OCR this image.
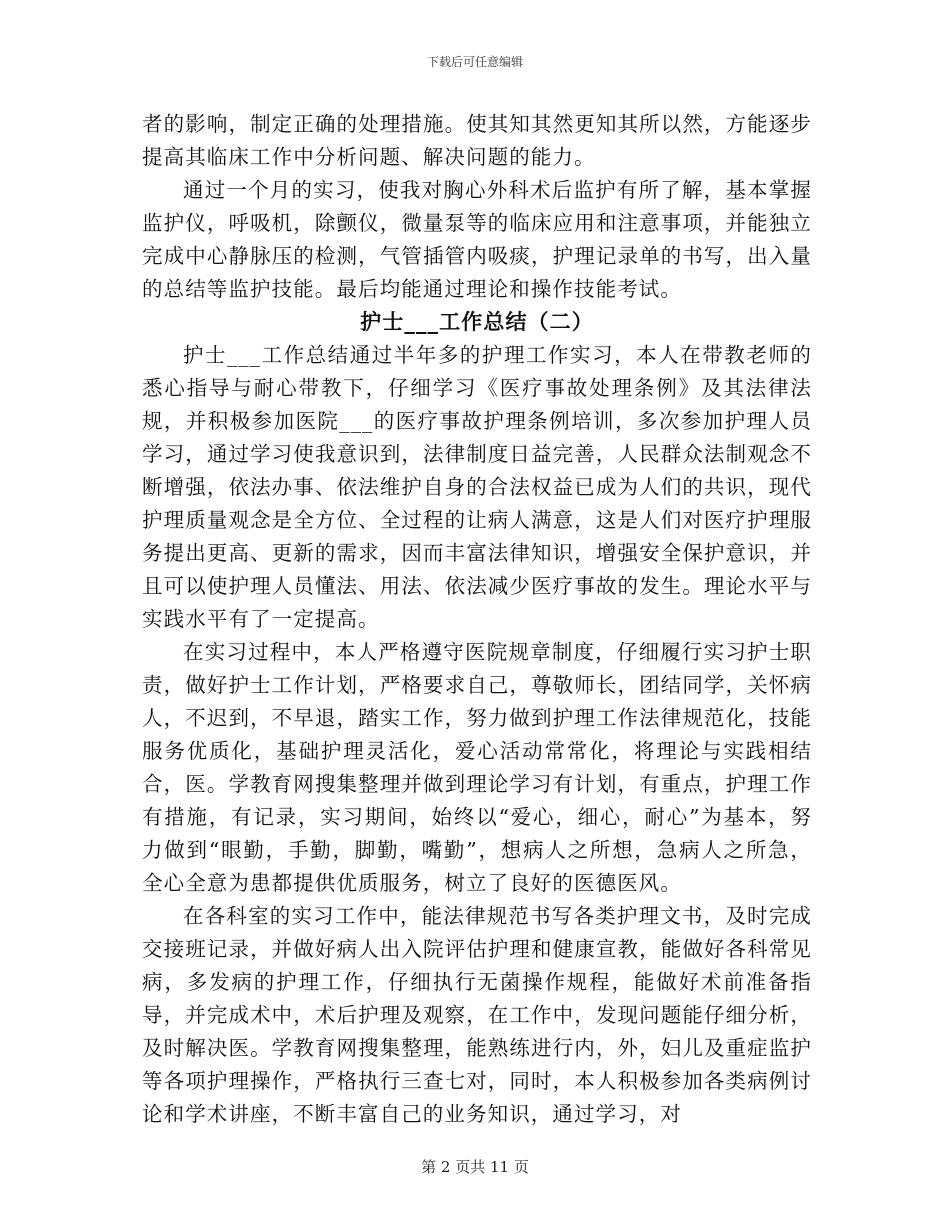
下载后可任意编辑

者的影响，制定正确的处理措施。使其知其然更知其所以然，方能逐步提高其临床工作中分析问题、解决问题的能力。

通过一个月的实习，使我对胸心外科术后监护有所了解，基本掌握监护仪，呼吸机，除颤仪，微量泵等的临床应用和注意事项，并能独立完成中心静脉压的检测，气管插管内吸痰，护理记录单的书写，出入量的总结等监护技能。最后均能通过理论和操作技能考试。

护士___工作总结（二）

护士___工作总结通过半年多的护理工作实习，本人在带教老师的悉心指导与耐心带教下，仔细学习《医疗事故处理条例》及其法律法规，并积极参加医院___的医疗事故护理条例培训，多次参加护理人员学习，通过学习使我意识到，法律制度日益完善，人民群众法制观念不断增强，依法办事、依法维护自身的合法权益已成为人们的共识，现代护理质量观念是全方位、全过程的让病人满意，这是人们对医疗护理服务提出更高、更新的需求，因而丰富法律知识，增强安全保护意识，并且可以使护理人员懂法、用法、依法减少医疗事故的发生。理论水平与实践水平有了一定提高。

在实习过程中，本人严格遵守医院规章制度，仔细履行实习护士职责，做好护士工作计划，严格要求自己，尊敬师长，团结同学，关怀病人，不迟到，不早退，踏实工作，努力做到护理工作法律规范化，技能服务优质化，基础护理灵活化，爱心活动常常化，将理论与实践相结合，医。学教育网搜集整理并做到理论学习有计划，有重点，护理工作有措施，有记录，实习期间，始终以“爱心，细心，耐心”为基本，努力做到“眼勤，手勤，脚勤，嘴勤”，想病人之所想，急病人之所急，全心全意为患都提供优质服务，树立了良好的医德医风。

在各科室的实习工作中，能法律规范书写各类护理文书，及时完成交接班记录，并做好病人出入院评估护理和健康宣教，能做好各科常见病，多发病的护理工作，仔细执行无菌操作规程，能做好术前准备指导，并完成术中，术后护理及观察，在工作中，发现问题能仔细分析，及时解决医。学教育网搜集整理，能熟练进行内，外，妇儿及重症监护等各项护理操作，严格执行三查七对，同时，本人积极参加各类病例讨论和学术讲座，不断丰富自己的业务知识，通过学习，对

第 2 页共 11 页
